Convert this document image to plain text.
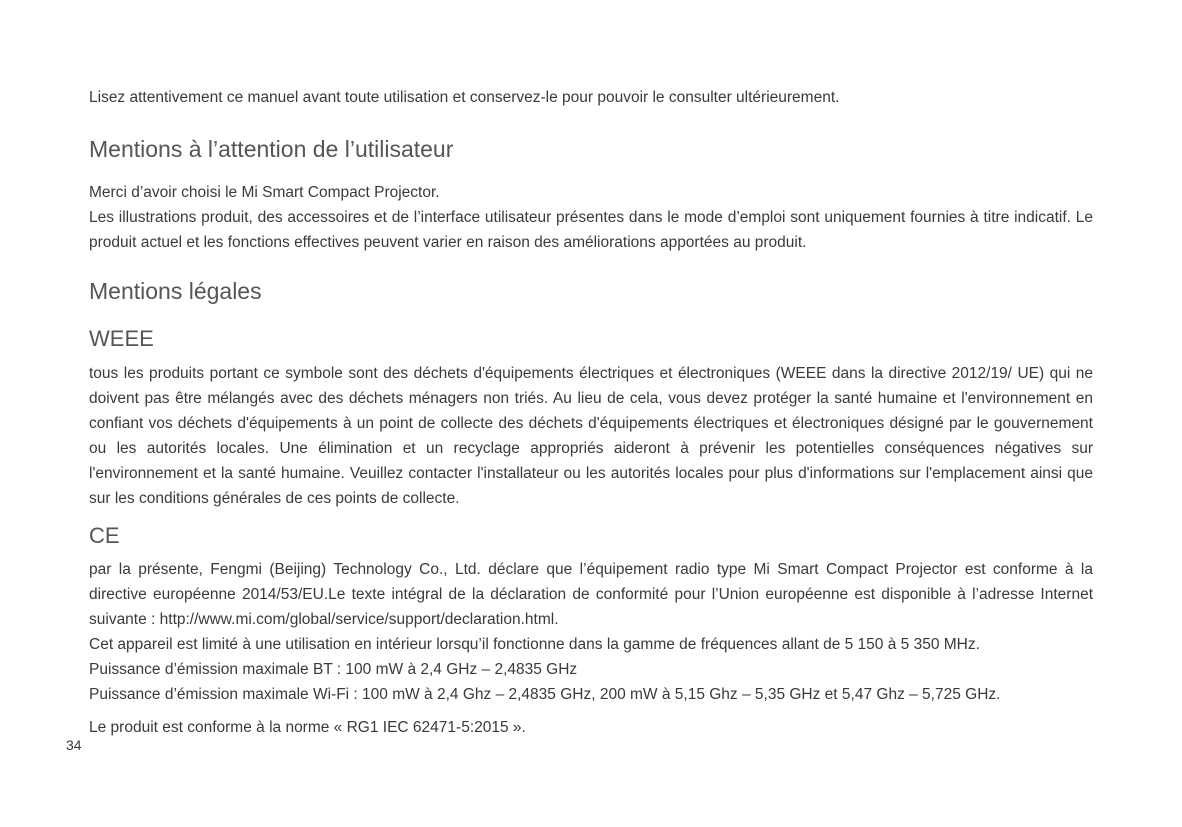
Lisez attentivement ce manuel avant toute utilisation et conservez-le pour pouvoir le consulter ultérieurement.

Mentions à l’attention de l’utilisateur

Merci d’avoir choisi le Mi Smart Compact Projector.

Les illustrations produit, des accessoires et de l’interface utilisateur présentes dans le mode d’emploi sont uniquement fournies à titre indicatif. Le produit actuel et les fonctions effectives peuvent varier en raison des améliorations apportées au produit.

Mentions légales
WEEE

tous les produits portant ce symbole sont des déchets d'équipements électriques et électroniques (WEEE dans la directive 2012/19/ UE) qui ne doivent pas être mélangés avec des déchets ménagers non triés. Au lieu de cela, vous devez protéger la santé humaine et l'environnement en confiant vos déchets d'équipements à un point de collecte des déchets d'équipements électriques et électroniques désigné par le gouvernement ou les autorités locales. Une élimination et un recyclage appropriés aideront à prévenir les potentielles conséquences négatives sur l'environnement et la santé humaine. Veuillez contacter l'installateur ou les autorités locales pour plus d'informations sur l'emplacement ainsi que sur les conditions générales de ces points de collecte.

CE

par la présente, Fengmi (Beijing) Technology Co., Ltd. déclare que l’équipement radio type Mi Smart Compact Projector est conforme à la directive européenne 2014/53/EU.Le texte intégral de la déclaration de conformité pour l’Union européenne est disponible à l’adresse Internet suivante : http://www.mi.com/global/service/support/declaration.html.

Cet appareil est limité à une utilisation en intérieur lorsqu’il fonctionne dans la gamme de fréquences allant de 5 150 à 5 350 MHz.

Puissance d’émission maximale BT : 100 mW à 2,4 GHz – 2,4835 GHz

Puissance d’émission maximale Wi-Fi : 100 mW à 2,4 Ghz – 2,4835 GHz, 200 mW à 5,15 Ghz – 5,35 GHz et 5,47 Ghz – 5,725 GHz.

Le produit est conforme à la norme « RG1 IEC 62471-5:2015 ».

34
